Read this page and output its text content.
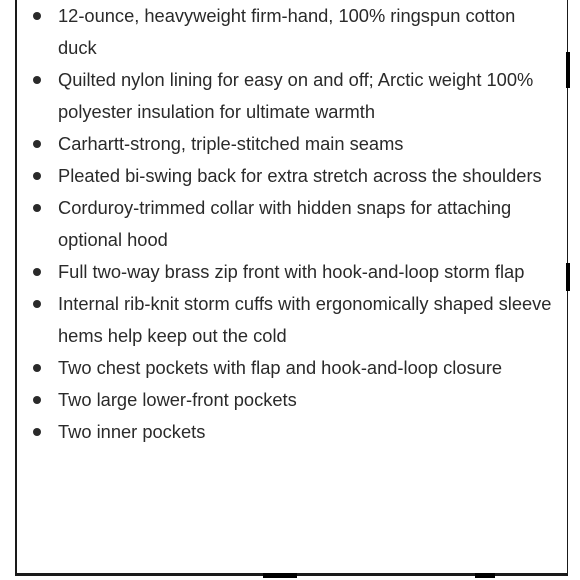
12-ounce, heavyweight firm-hand, 100% ringspun cotton duck
Quilted nylon lining for easy on and off; Arctic weight 100% polyester insulation for ultimate warmth
Carhartt-strong, triple-stitched main seams
Pleated bi-swing back for extra stretch across the shoulders
Corduroy-trimmed collar with hidden snaps for attaching optional hood
Full two-way brass zip front with hook-and-loop storm flap
Internal rib-knit storm cuffs with ergonomically shaped sleeve hems help keep out the cold
Two chest pockets with flap and hook-and-loop closure
Two large lower-front pockets
Two inner pockets
